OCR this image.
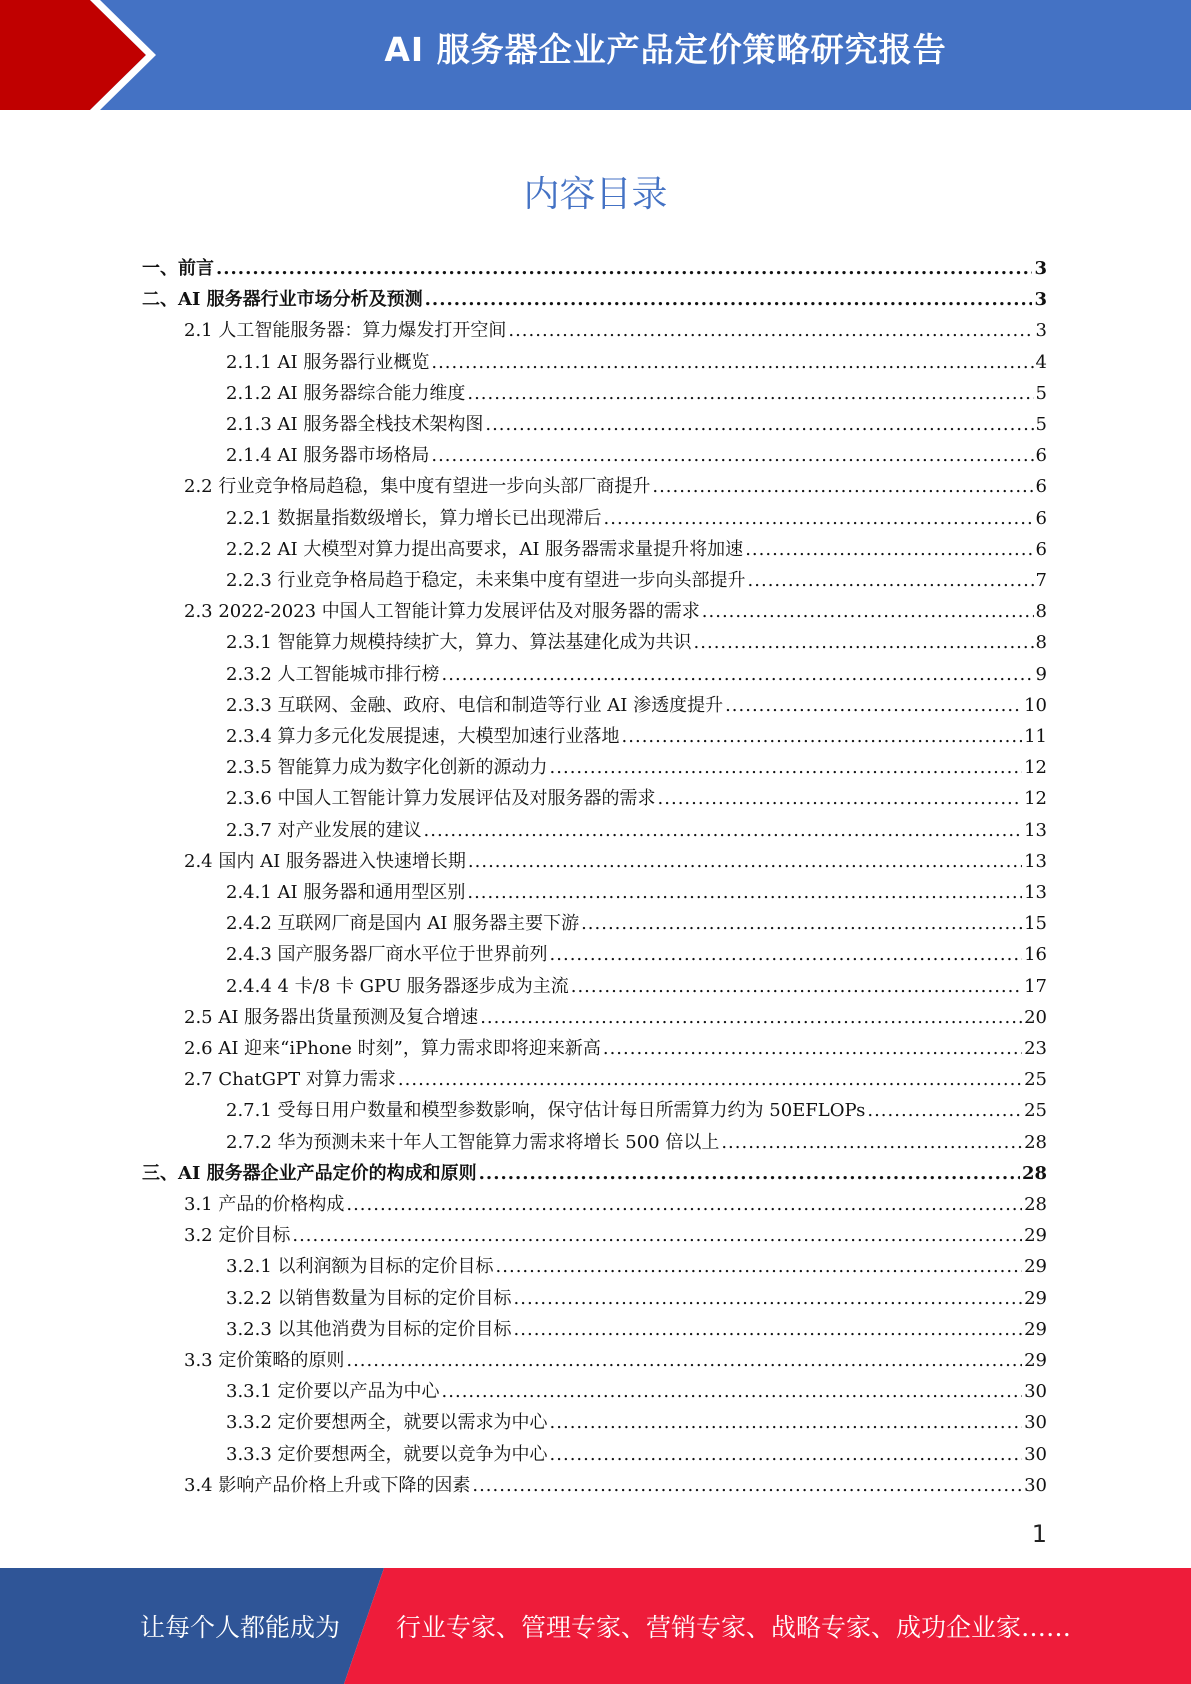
AI 服务器企业产品定价策略研究报告
内容目录
一、前言 .....	3
二、AI 服务器行业市场分析及预测 .....	3
2.1 人工智能服务器：算力爆发打开空间 .....	3
2.1.1 AI 服务器行业概览 .....	4
2.1.2 AI 服务器综合能力维度 .....	5
2.1.3 AI 服务器全栈技术架构图 .....	5
2.1.4 AI 服务器市场格局 .....	6
2.2 行业竞争格局趋稳，集中度有望进一步向头部厂商提升 .....	6
2.2.1 数据量指数级增长，算力增长已出现滞后 .....	6
2.2.2 AI 大模型对算力提出高要求，AI 服务器需求量提升将加速 .....	6
2.2.3 行业竞争格局趋于稳定，未来集中度有望进一步向头部提升 .....	7
2.3 2022-2023 中国人工智能计算力发展评估及对服务器的需求 .....	8
2.3.1 智能算力规模持续扩大，算力、算法基建化成为共识 .....	8
2.3.2 人工智能城市排行榜 .....	9
2.3.3 互联网、金融、政府、电信和制造等行业 AI 渗透度提升 .....	10
2.3.4 算力多元化发展提速，大模型加速行业落地 .....	11
2.3.5 智能算力成为数字化创新的源动力 .....	12
2.3.6 中国人工智能计算力发展评估及对服务器的需求 .....	12
2.3.7 对产业发展的建议 .....	13
2.4 国内 AI 服务器进入快速增长期 .....	13
2.4.1 AI 服务器和通用型区别 .....	13
2.4.2 互联网厂商是国内 AI 服务器主要下游 .....	15
2.4.3 国产服务器厂商水平位于世界前列 .....	16
2.4.4 4 卡/8 卡 GPU 服务器逐步成为主流 .....	17
2.5 AI 服务器出货量预测及复合增速 .....	20
2.6 AI 迎来“iPhone 时刻”，算力需求即将迎来新高 .....	23
2.7 ChatGPT 对算力需求 .....	25
2.7.1 受每日用户数量和模型参数影响，保守估计每日所需算力约为 50EFLOPs .....	25
2.7.2 华为预测未来十年人工智能算力需求将增长 500 倍以上 .....	28
三、AI 服务器企业产品定价的构成和原则 .....	28
3.1 产品的价格构成 .....	28
3.2 定价目标 .....	29
3.2.1 以利润额为目标的定价目标 .....	29
3.2.2 以销售数量为目标的定价目标 .....	29
3.2.3 以其他消费为目标的定价目标 .....	29
3.3 定价策略的原则 .....	29
3.3.1 定价要以产品为中心 .....	30
3.3.2 定价要想两全，就要以需求为中心 .....	30
3.3.3 定价要想两全，就要以竞争为中心 .....	30
3.4 影响产品价格上升或下降的因素 .....	30
1
让每个人都能成为 行业专家、管理专家、营销专家、战略专家、成功企业家……
